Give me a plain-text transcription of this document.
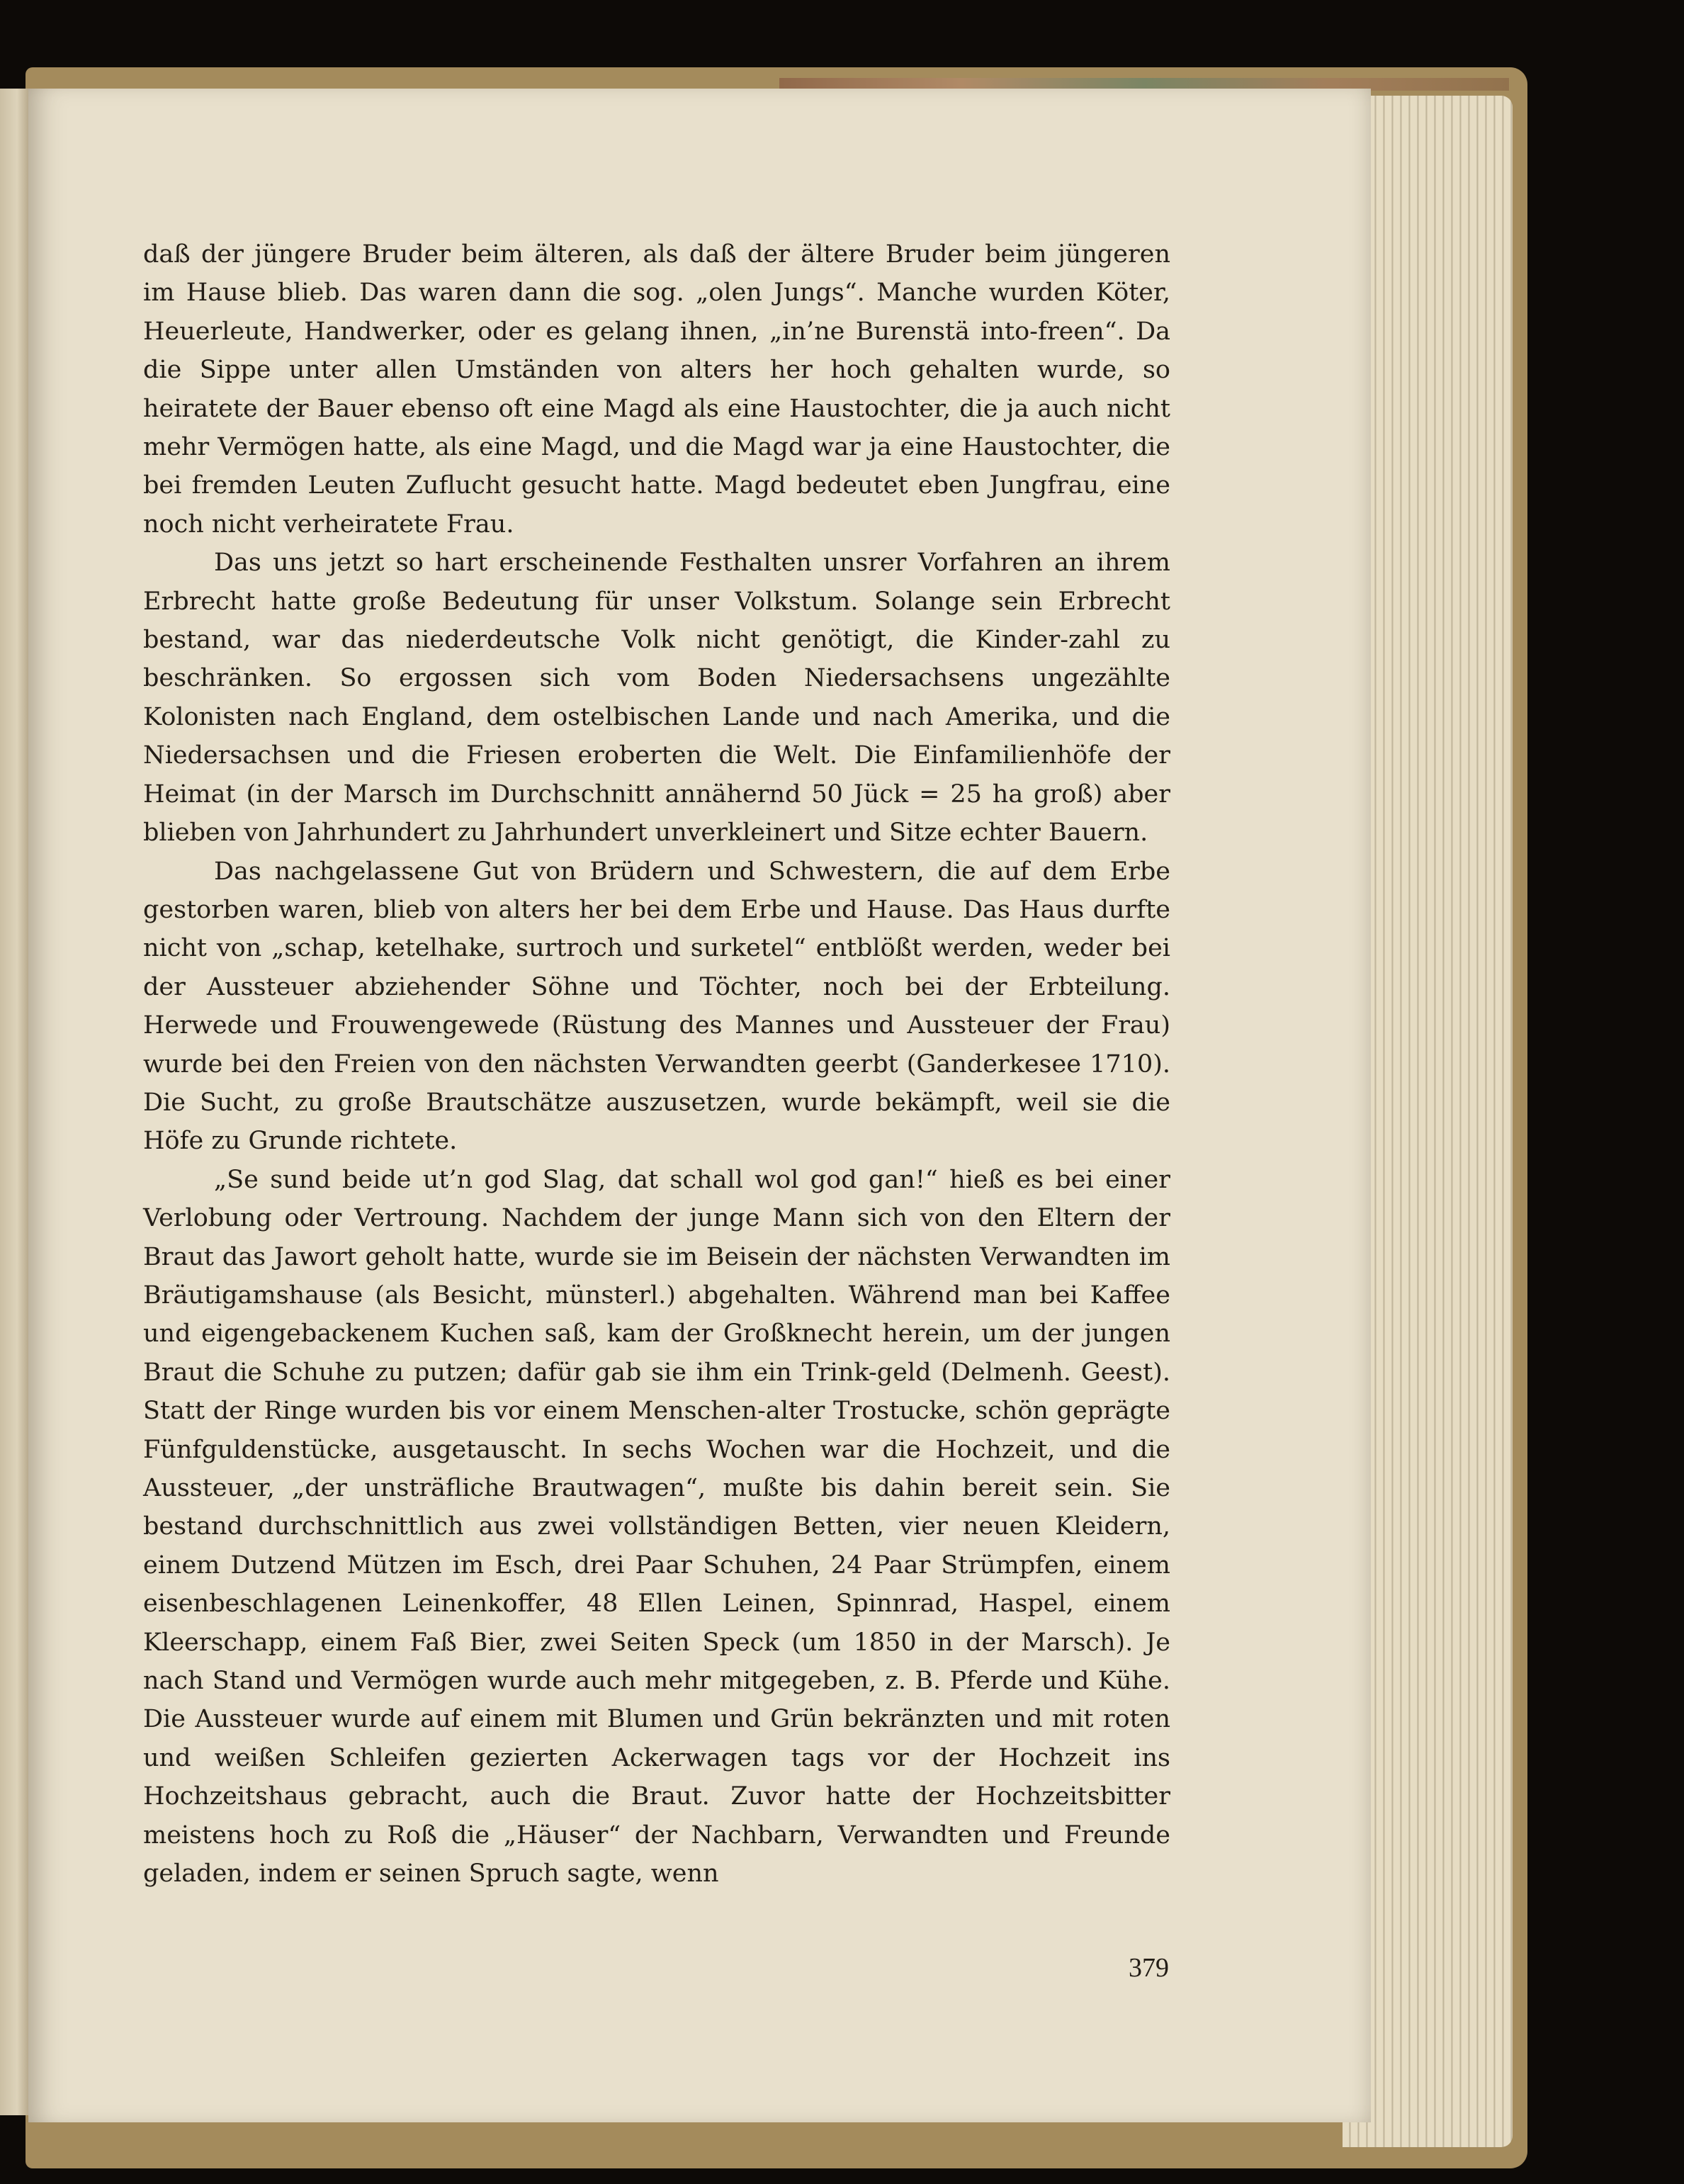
daß der jüngere Bruder beim älteren, als daß der ältere Bruder beim jüngeren im Hause blieb. Das waren dann die sog. „olen Jungs“. Manche wurden Köter, Heuerleute, Handwerker, oder es gelang ihnen, „in’ne Burenstä into-freen“. Da die Sippe unter allen Umständen von alters her hoch gehalten wurde, so heiratete der Bauer ebenso oft eine Magd als eine Haustochter, die ja auch nicht mehr Vermögen hatte, als eine Magd, und die Magd war ja eine Haustochter, die bei fremden Leuten Zuflucht gesucht hatte. Magd bedeutet eben Jungfrau, eine noch nicht verheiratete Frau.

Das uns jetzt so hart erscheinende Festhalten unsrer Vorfahren an ihrem Erbrecht hatte große Bedeutung für unser Volkstum. Solange sein Erbrecht bestand, war das niederdeutsche Volk nicht genötigt, die Kinder-zahl zu beschränken. So ergossen sich vom Boden Niedersachsens ungezählte Kolonisten nach England, dem ostelbischen Lande und nach Amerika, und die Niedersachsen und die Friesen eroberten die Welt. Die Einfamilienhöfe der Heimat (in der Marsch im Durchschnitt annähernd 50 Jück = 25 ha groß) aber blieben von Jahrhundert zu Jahrhundert unverkleinert und Sitze echter Bauern.

Das nachgelassene Gut von Brüdern und Schwestern, die auf dem Erbe gestorben waren, blieb von alters her bei dem Erbe und Hause. Das Haus durfte nicht von „schap, ketelhake, surtroch und surketel“ entblößt werden, weder bei der Aussteuer abziehender Söhne und Töchter, noch bei der Erbteilung. Herwede und Frouwengewede (Rüstung des Mannes und Aussteuer der Frau) wurde bei den Freien von den nächsten Verwandten geerbt (Ganderkesee 1710). Die Sucht, zu große Brautschätze auszusetzen, wurde bekämpft, weil sie die Höfe zu Grunde richtete.

„Se sund beide ut’n god Slag, dat schall wol god gan!“ hieß es bei einer Verlobung oder Vertroung. Nachdem der junge Mann sich von den Eltern der Braut das Jawort geholt hatte, wurde sie im Beisein der nächsten Verwandten im Bräutigamshause (als Besicht, münsterl.) abgehalten. Während man bei Kaffee und eigengebackenem Kuchen saß, kam der Großknecht herein, um der jungen Braut die Schuhe zu putzen; dafür gab sie ihm ein Trink-geld (Delmenh. Geest). Statt der Ringe wurden bis vor einem Menschen-alter Trostucke, schön geprägte Fünfguldenstücke, ausgetauscht. In sechs Wochen war die Hochzeit, und die Aussteuer, „der unsträfliche Brautwagen“, mußte bis dahin bereit sein. Sie bestand durchschnittlich aus zwei vollständigen Betten, vier neuen Kleidern, einem Dutzend Mützen im Esch, drei Paar Schuhen, 24 Paar Strümpfen, einem eisenbeschlagenen Leinenkoffer, 48 Ellen Leinen, Spinnrad, Haspel, einem Kleerschapp, einem Faß Bier, zwei Seiten Speck (um 1850 in der Marsch). Je nach Stand und Vermögen wurde auch mehr mitgegeben, z. B. Pferde und Kühe. Die Aussteuer wurde auf einem mit Blumen und Grün bekränzten und mit roten und weißen Schleifen gezierten Ackerwagen tags vor der Hochzeit ins Hochzeitshaus gebracht, auch die Braut. Zuvor hatte der Hochzeitsbitter meistens hoch zu Roß die „Häuser“ der Nachbarn, Verwandten und Freunde geladen, indem er seinen Spruch sagte, wenn

379
